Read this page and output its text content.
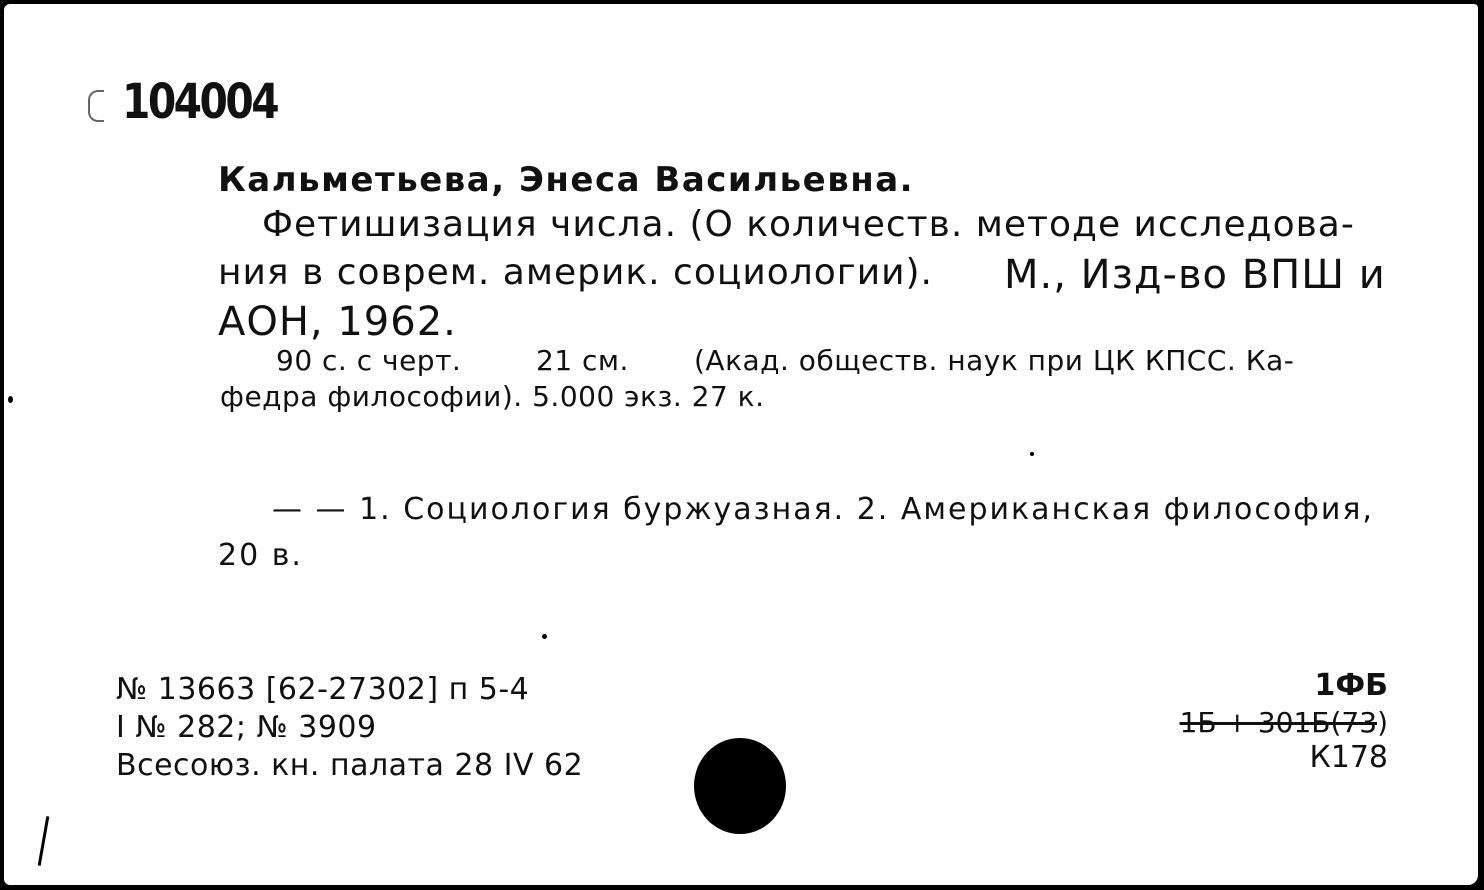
104004
Кальметьева, Энеса Васильевна.
Фетишизация числа. (О количеств. методе исследова-
ния в соврем. америк. социологии). М., Изд-во ВПШ и
АОН, 1962.
90 с. с черт.	21 см. (Акад. обществ. наук при ЦК КПСС. Ка-
федра философии). 5.000 экз. 27 к.
— — 1. Социология буржуазная. 2. Американская философия,
20 в.
№ 13663 [62-27302] п 5-4
I № 282; № 3909
Всесоюз. кн. палата 28 IV 62
1ФБ
1Б + 301Б(73)
К178
